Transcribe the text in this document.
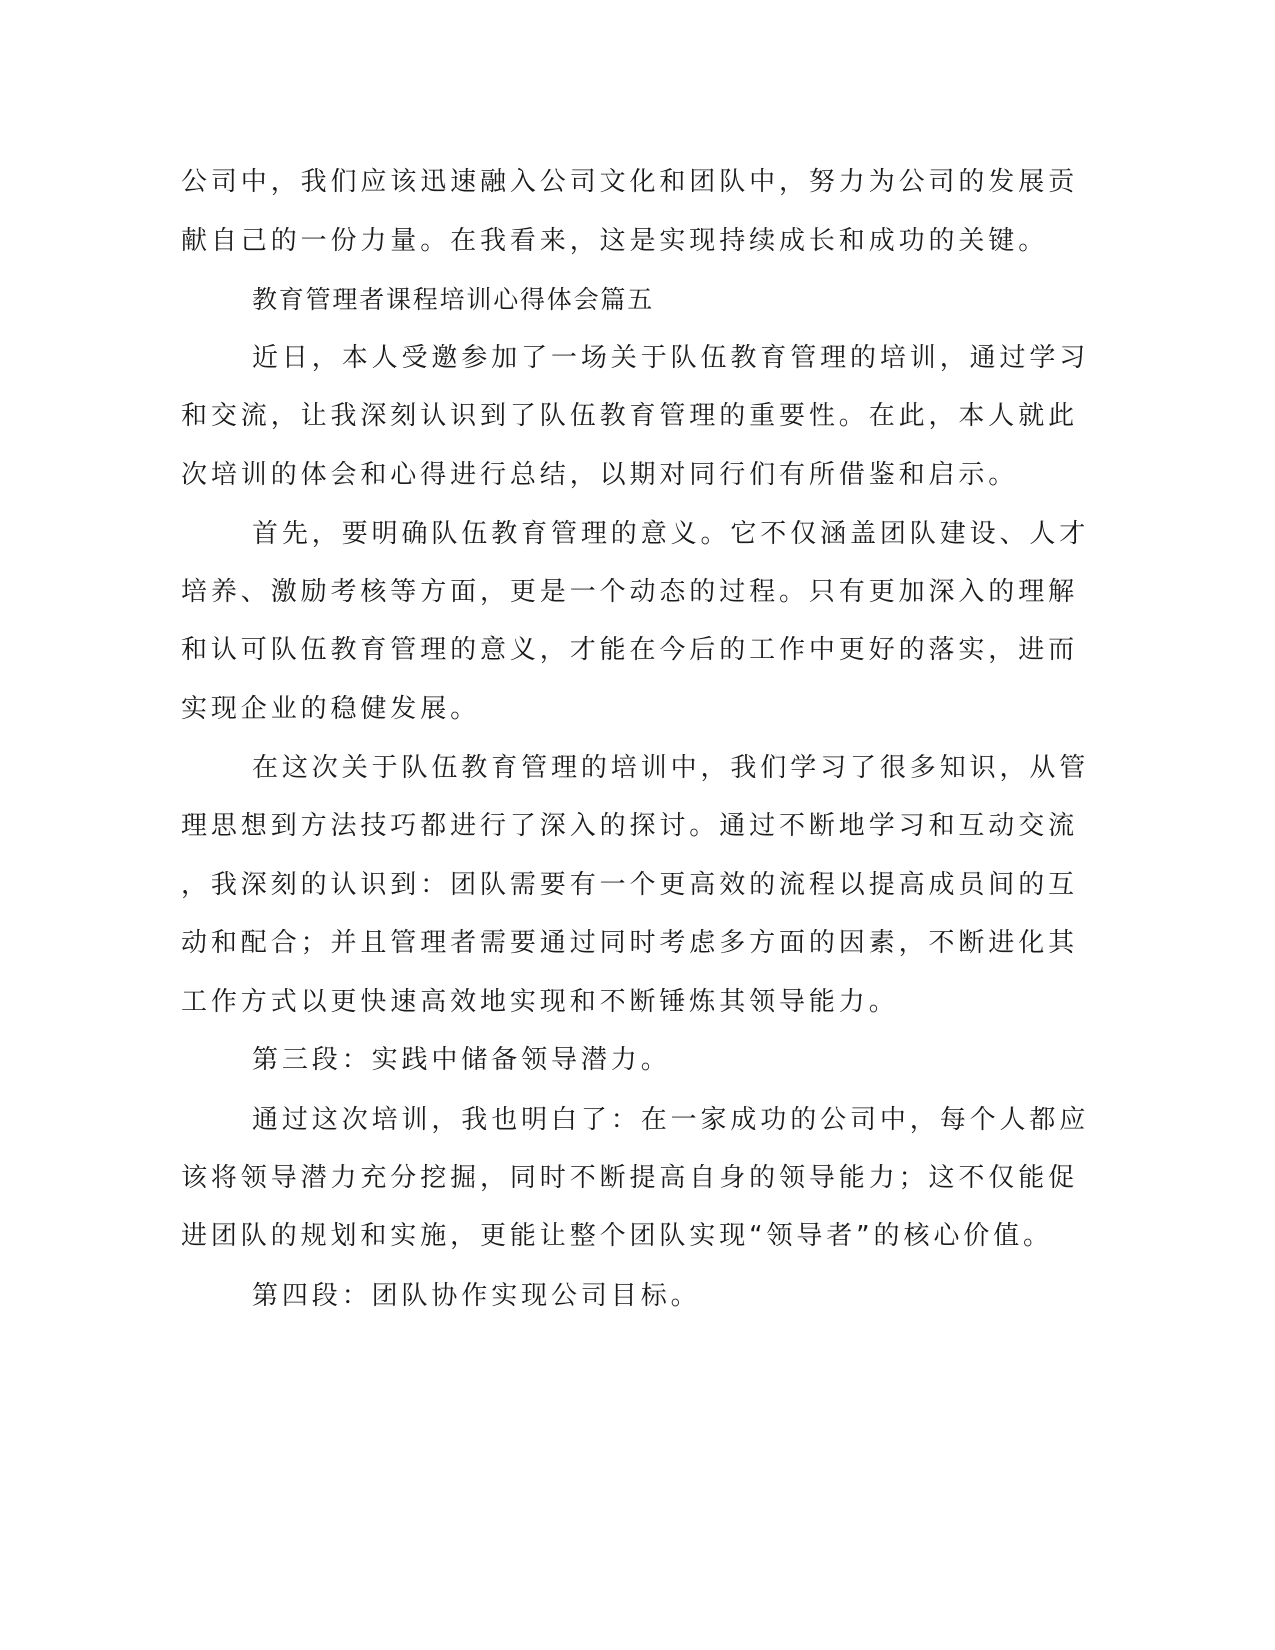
公司中，我们应该迅速融入公司文化和团队中，努力为公司的发展贡
献自己的一份力量。在我看来，这是实现持续成长和成功的关键。
教育管理者课程培训心得体会篇五
近日，本人受邀参加了一场关于队伍教育管理的培训，通过学习
和交流，让我深刻认识到了队伍教育管理的重要性。在此，本人就此
次培训的体会和心得进行总结，以期对同行们有所借鉴和启示。
首先，要明确队伍教育管理的意义。它不仅涵盖团队建设、人才
培养、激励考核等方面，更是一个动态的过程。只有更加深入的理解
和认可队伍教育管理的意义，才能在今后的工作中更好的落实，进而
实现企业的稳健发展。
在这次关于队伍教育管理的培训中，我们学习了很多知识，从管
理思想到方法技巧都进行了深入的探讨。通过不断地学习和互动交流
，我深刻的认识到：团队需要有一个更高效的流程以提高成员间的互
动和配合；并且管理者需要通过同时考虑多方面的因素，不断进化其
工作方式以更快速高效地实现和不断锤炼其领导能力。
第三段：实践中储备领导潜力。
通过这次培训，我也明白了：在一家成功的公司中，每个人都应
该将领导潜力充分挖掘，同时不断提高自身的领导能力；这不仅能促
进团队的规划和实施，更能让整个团队实现“领导者”的核心价值。
第四段：团队协作实现公司目标。
